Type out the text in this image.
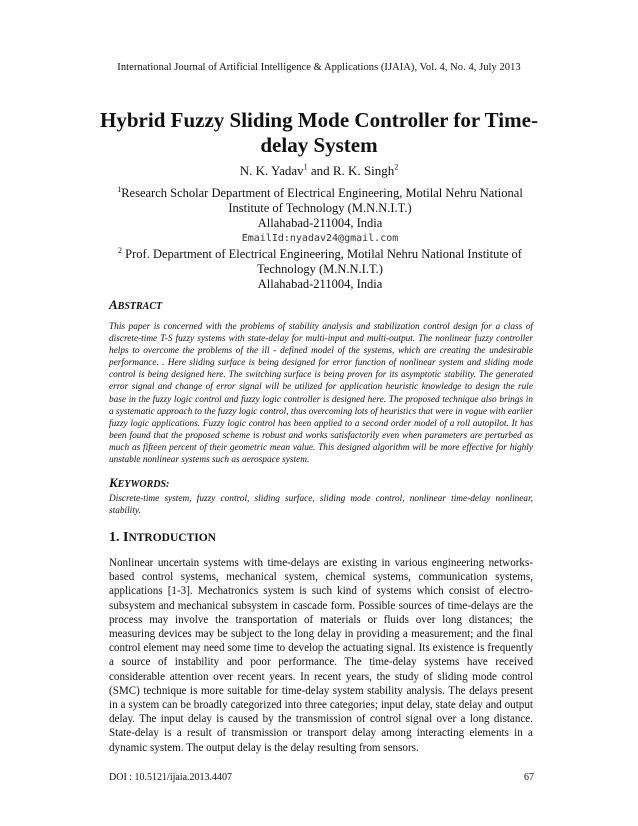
International Journal of Artificial Intelligence & Applications (IJAIA), Vol. 4, No. 4, July 2013
Hybrid Fuzzy Sliding Mode Controller for Time-delay System
N. K. Yadav$^1$ and R. K. Singh$^2$
$^1$Research Scholar Department of Electrical Engineering, Motilal Nehru National Institute of Technology (M.N.N.I.T.)
Allahabad-211004, India
EmailId:nyadav24@gmail.com
$^2$ Prof. Department of Electrical Engineering, Motilal Nehru National Institute of Technology (M.N.N.I.T.)
Allahabad-211004, India
ABSTRACT
This paper is concerned with the problems of stability analysis and stabilization control design for a class of discrete-time T-S fuzzy systems with state-delay for multi-input and multi-output. The nonlinear fuzzy controller helps to overcome the problems of the ill - defined model of the systems, which are creating the undesirable performance. . Here sliding surface is being designed for error function of nonlinear system and sliding mode control is being designed here. The switching surface is being proven for its asymptotic stability. The generated error signal and change of error signal will be utilized for application heuristic knowledge to design the rule base in the fuzzy logic control and fuzzy logic controller is designed here. The proposed technique also brings in a systematic approach to the fuzzy logic control, thus overcoming lots of heuristics that were in vogue with earlier fuzzy logic applications. Fuzzy logic control has been applied to a second order model of a roll autopilot. It has been found that the proposed scheme is robust and works satisfactorily even when parameters are perturbed as much as fifteen percent of their geometric mean value. This designed algorithm will be more effective for highly unstable nonlinear systems such as aerospace system.
KEYWORDS:
Discrete-time system, fuzzy control, sliding surface, sliding mode control, nonlinear time-delay nonlinear, stability.
1. INTRODUCTION
Nonlinear uncertain systems with time-delays are existing in various engineering networks-based control systems, mechanical system, chemical systems, communication systems, applications [1-3]. Mechatronics system is such kind of systems which consist of electro-subsystem and mechanical subsystem in cascade form. Possible sources of time-delays are the process may involve the transportation of materials or fluids over long distances; the measuring devices may be subject to the long delay in providing a measurement; and the final control element may need some time to develop the actuating signal. Its existence is frequently a source of instability and poor performance. The time-delay systems have received considerable attention over recent years. In recent years, the study of sliding mode control (SMC) technique is more suitable for time-delay system stability analysis. The delays present in a system can be broadly categorized into three categories; input delay, state delay and output delay. The input delay is caused by the transmission of control signal over a long distance. State-delay is a result of transmission or transport delay among interacting elements in a dynamic system. The output delay is the delay resulting from sensors.
DOI : 10.5121/ijaia.2013.4407	67
